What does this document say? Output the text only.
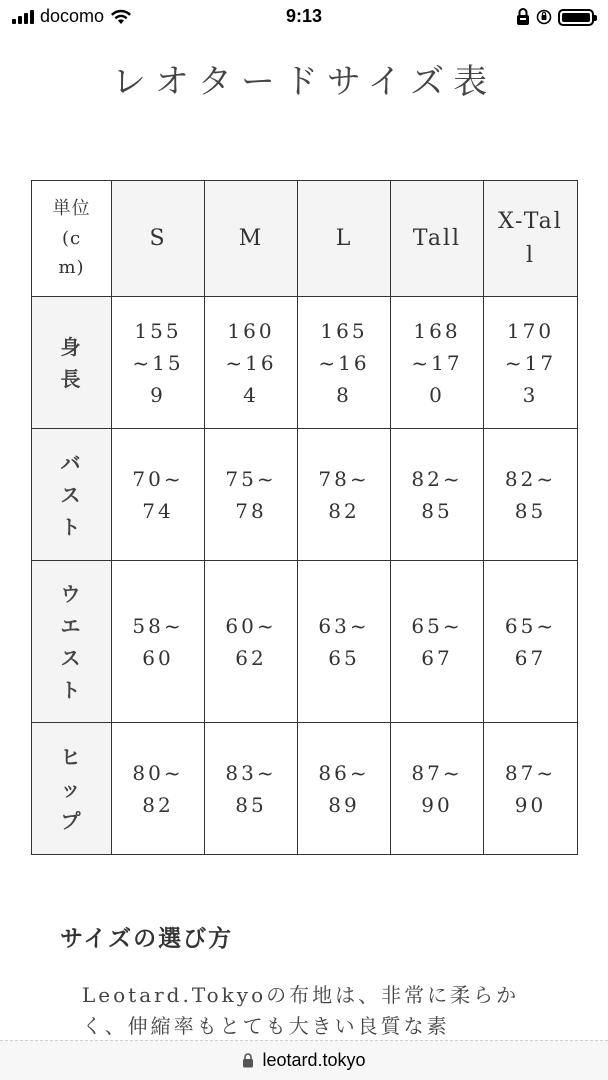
docomo	9:13
レオタードサイズ表
単位(cm)	S	M	L	Tall	X-Tall

身長	155~159	160~164	165~168	168~170	170~173

バスト	70~74	75~78	78~82	82~85	82~85

ウエスト	58~60	60~62	63~65	65~67	65~67

ヒップ	80~82	83~85	86~89	87~90	87~90
サイズの選び方

Leotard.Tokyoの布地は、非常に柔らかく、伸縮率もとても大きい良質な素

leotard.tokyo
